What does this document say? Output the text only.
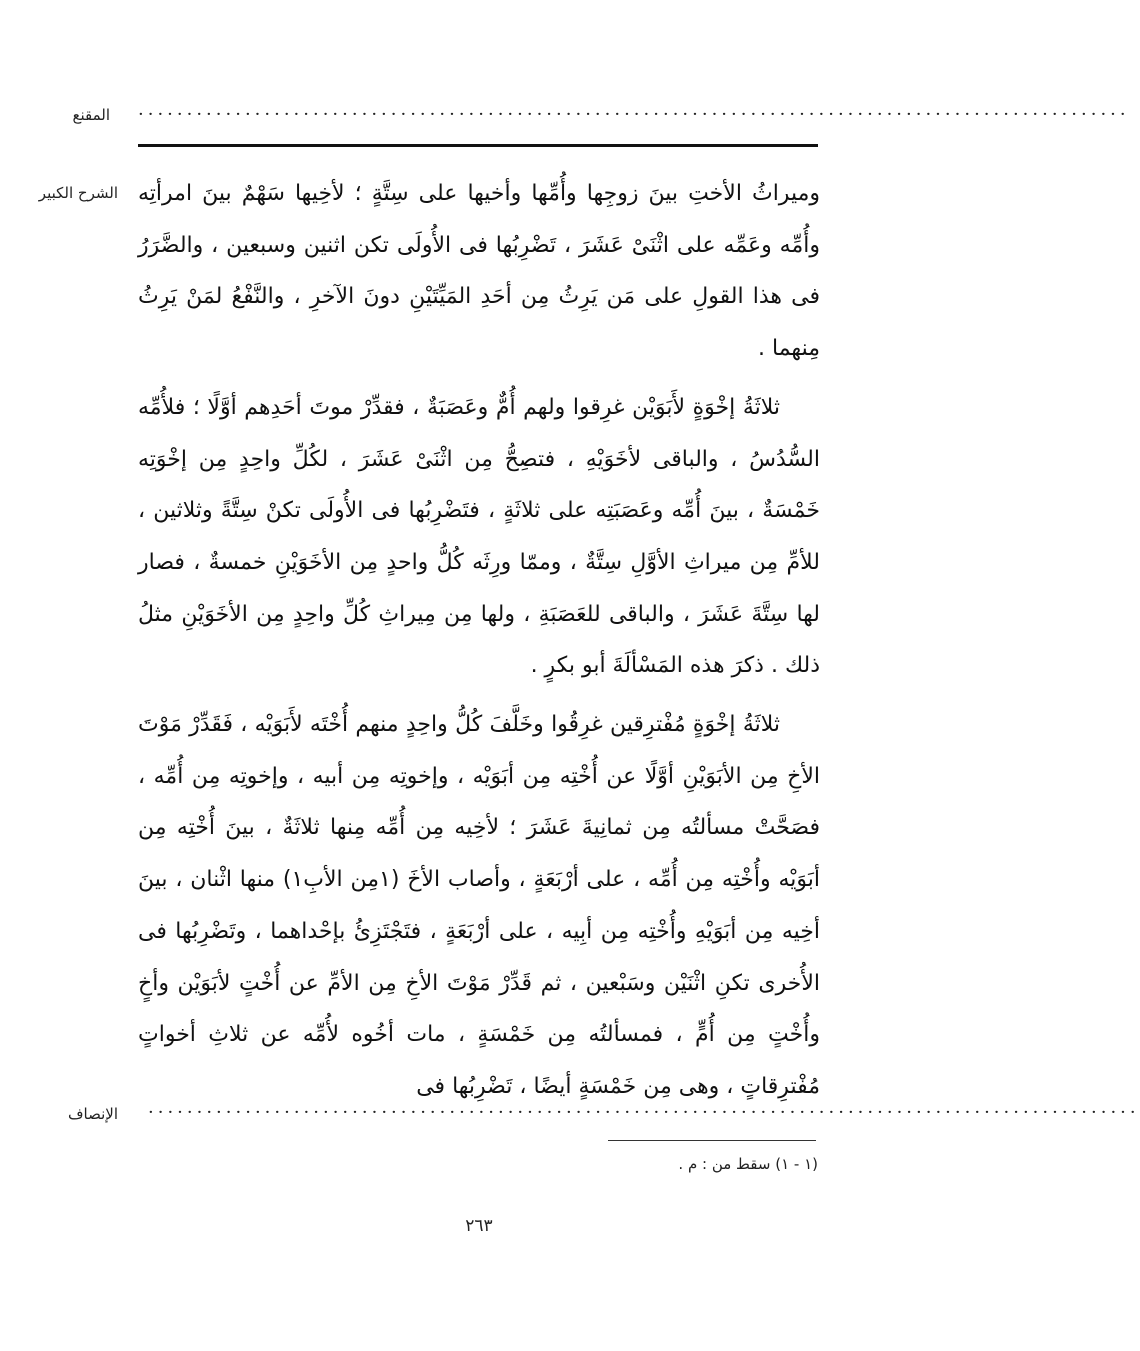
المقنع ······································································································
الشرح الكبير وميراثُ الأختِ بينَ زوجِها وأُمِّها وأخيها على سِتَّةٍ ؛ لأخِيها سَهْمٌ بينَ امرأتِه وأُمِّه وعَمِّه على اثْنَىْ عَشَرَ ، تَضْرِبُها فى الأُولَى تكن اثنين وسبعين ، والضَّرَرُ فى هذا القولِ على مَن يَرِثُ مِن أحَدِ المَيِّتَيْنِ دونَ الآخرِ ، والنَّفْعُ لمَنْ يَرِثُ مِنهما .

ثلاثَةُ إخْوَةٍ لأَبَوَيْن غرِقوا ولهم أُمٌّ وعَصَبَةٌ ، فقدِّرْ موتَ أحَدِهم أوَّلًا ؛ فلأُمِّه السُّدُسُ ، والباقى لأخَوَيْهِ ، فتصِحُّ مِن اثْنَىْ عَشَرَ ، لكُلِّ واحِدٍ مِن إخْوَتِه خَمْسَةٌ ، بينَ أُمِّه وعَصَبَتِه على ثلاثَةٍ ، فتَضْرِبُها فى الأُولَى تكنْ سِتَّةً وثلاثين ، للأمِّ مِن ميراثِ الأوَّلِ سِتَّةٌ ، وممّا ورِثَه كُلُّ واحدٍ مِن الأخَوَيْنِ خمسةٌ ، فصار لها سِتَّةَ عَشَرَ ، والباقى للعَصَبَةِ ، ولها مِن مِيراثِ كُلِّ واحِدٍ مِن الأخَوَيْنِ مثلُ ذلك . ذكرَ هذه المَسْألَةَ أبو بكرٍ .

ثلاثَةُ إخْوَةٍ مُفْترِقين غرِقُوا وخَلَّفَ كُلُّ واحِدٍ منهم أُخْتَه لأَبَوَيْه ، فَقَدِّرْ مَوْتَ الأخِ مِن الأبَوَيْنِ أوَّلًا عن أُخْتِه مِن أبَوَيْه ، وإخوتِه مِن أبيه ، وإخوتِه مِن أُمِّه ، فصَحَّتْ مسألتُه مِن ثمانِيةَ عَشَرَ ؛ لأخِيه مِن أُمِّه مِنها ثلاثَةٌ ، بينَ أُخْتِه مِن أبَوَيْه وأُخْتِه مِن أُمِّه ، على أرْبَعَةٍ ، وأصاب الأخَ (١مِن الأبِ١) منها اثْنان ، بينَ أخِيه مِن أبَوَيْهِ وأُخْتِه مِن أبِيه ، على أرْبَعَةٍ ، فتَجْتَزِئُ بإحْداهما ، وتَضْرِبُها فى الأُخرى تكنِ اثْنَيْن وسَبْعين ، ثم قَدِّرْ مَوْتَ الأخِ مِن الأمِّ عن أُخْتٍ لأبَوَيْن وأخٍ وأُخْتٍ مِن أُمٍّ ، فمسألتُه مِن خَمْسَةٍ ، مات أخُوه لأُمِّه عن ثلاثِ أخواتٍ مُفْترِقاتٍ ، وهى مِن خَمْسَةٍ أيضًا ، تَضْرِبُها فى

الإنصاف ······································································································
(١ - ١) سقط من : م .
٢٦٣
